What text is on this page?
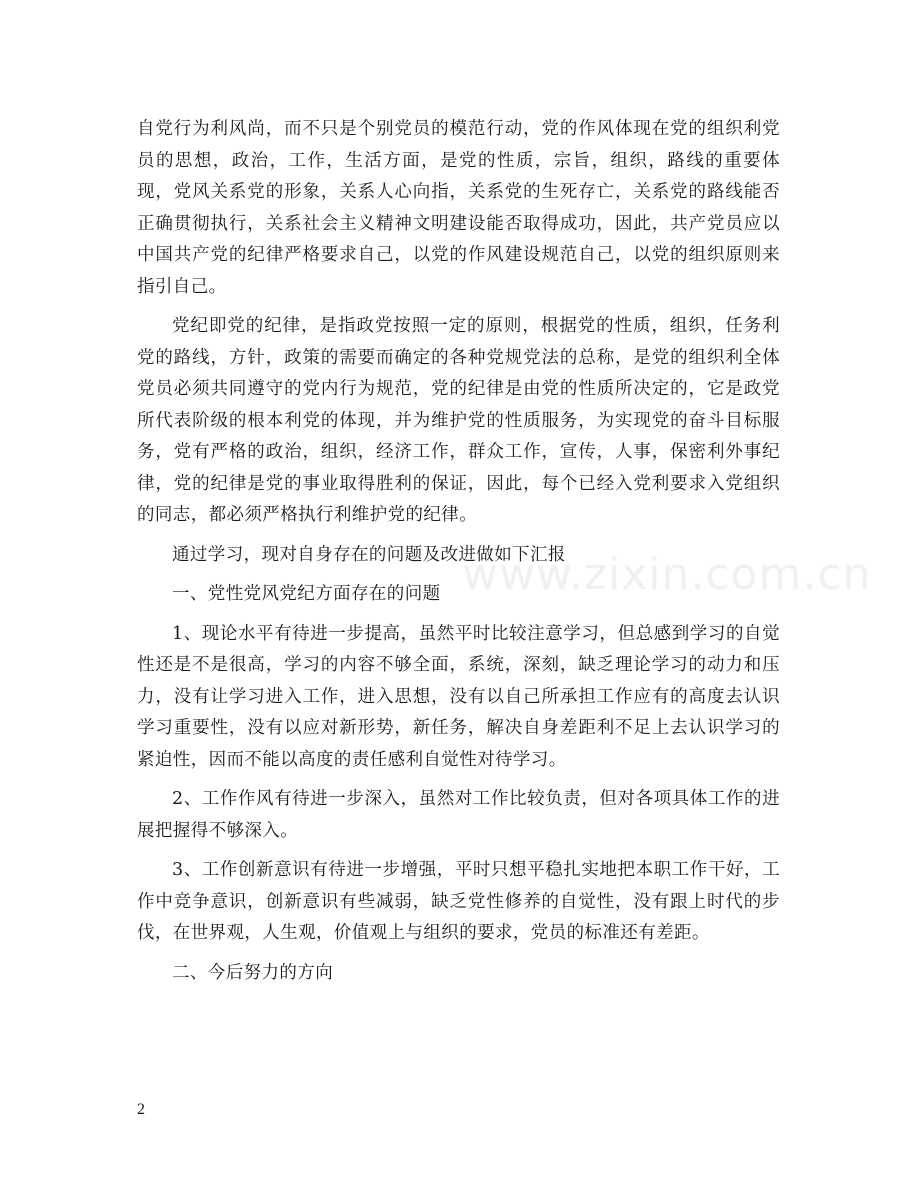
自党行为利风尚，而不只是个别党员的模范行动，党的作风体现在党的组织利党员的思想，政治，工作，生活方面，是党的性质，宗旨，组织，路线的重要体现，党风关系党的形象，关系人心向指，关系党的生死存亡，关系党的路线能否正确贯彻执行，关系社会主义精神文明建设能否取得成功，因此，共产党员应以中国共产党的纪律严格要求自己，以党的作风建设规范自己，以党的组织原则来指引自己。

党纪即党的纪律，是指政党按照一定的原则，根据党的性质，组织，任务利党的路线，方针，政策的需要而确定的各种党规党法的总称，是党的组织利全体党员必须共同遵守的党内行为规范，党的纪律是由党的性质所决定的，它是政党所代表阶级的根本利党的体现，并为维护党的性质服务，为实现党的奋斗目标服务，党有严格的政治，组织，经济工作，群众工作，宣传，人事，保密利外事纪律，党的纪律是党的事业取得胜利的保证，因此，每个已经入党利要求入党组织的同志，都必须严格执行利维护党的纪律。

通过学习，现对自身存在的问题及改进做如下汇报

一、党性党风党纪方面存在的问题

1、现论水平有待进一步提高，虽然平时比较注意学习，但总感到学习的自觉性还是不是很高，学习的内容不够全面，系统，深刻，缺乏理论学习的动力和压力，没有让学习进入工作，进入思想，没有以自己所承担工作应有的高度去认识学习重要性，没有以应对新形势，新任务，解决自身差距利不足上去认识学习的紧迫性，因而不能以高度的责任感利自觉性对待学习。

2、工作作风有待进一步深入，虽然对工作比较负责，但对各项具体工作的进展把握得不够深入。

3、工作创新意识有待进一步增强，平时只想平稳扎实地把本职工作干好，工作中竞争意识，创新意识有些减弱，缺乏党性修养的自觉性，没有跟上时代的步伐，在世界观，人生观，价值观上与组织的要求，党员的标准还有差距。

二、今后努力的方向

www.zixin.com.cn
2
